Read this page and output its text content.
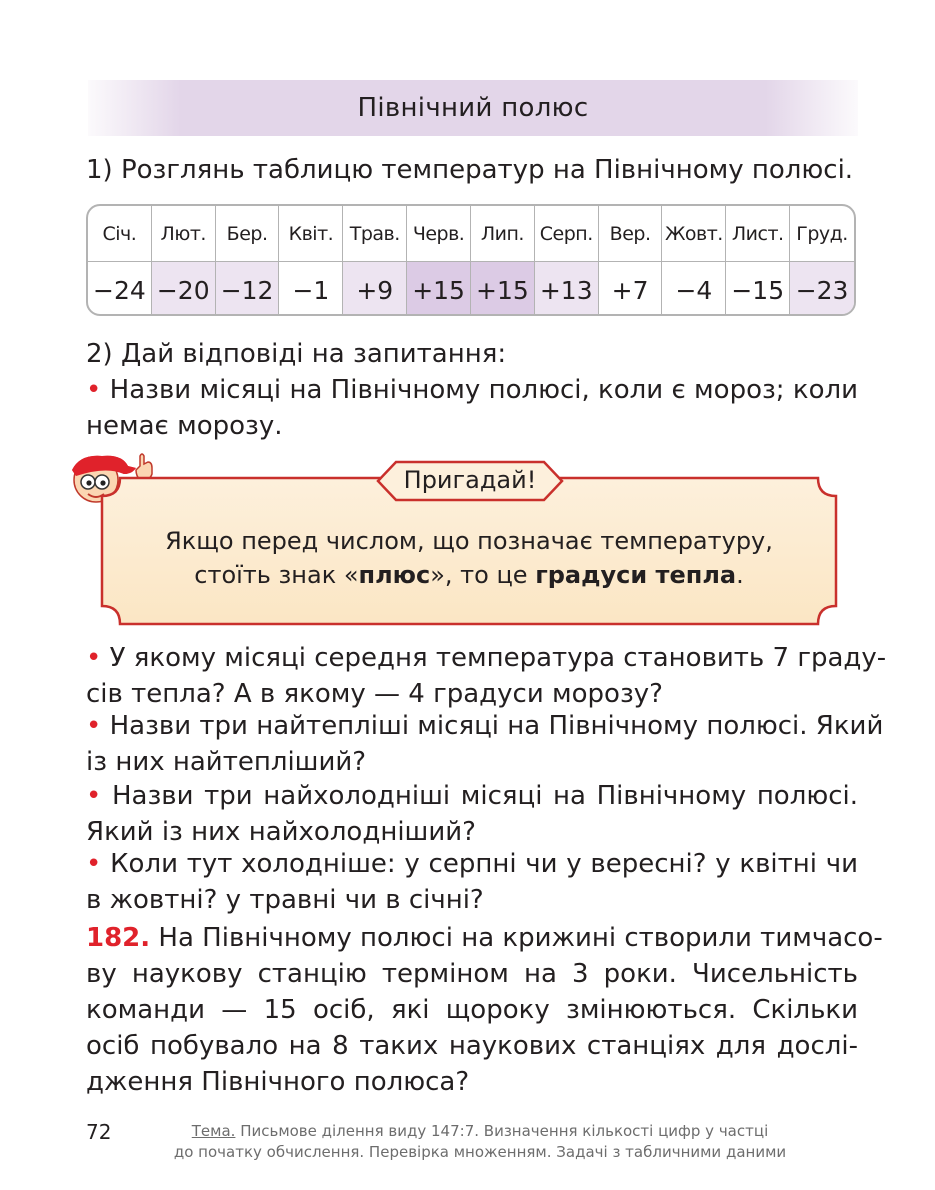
Північний полюс
1) Розглянь таблицю температур на Північному полюсі.
Січ.	Лют.	Бер.	Квіт. Трав. Черв. Лип. Серп. Вер. Жовт. Лист. Груд.
−24 −20 −12 −1	+9 +15 +15 +13 +7	−4 −15 −23
2) Дай відповіді на запитання:
• Назви місяці на Північному полюсі, коли є мороз; коли
немає морозу.
Пригадай!
Якщо перед числом, що позначає температуру,
стоїть знак «плюс», то це градуси тепла.
• У якому місяці середня температура становить 7 граду-
сів тепла? А в якому — 4 градуси морозу?
• Назви три найтепліші місяці на Північному полюсі. Який
із них найтепліший?
• Назви три найхолодніші місяці на Північному полюсі.
Який із них найхолодніший?
• Коли тут холодніше: у серпні чи у вересні? у квітні чи
в жовтні? у травні чи в січні?
182. На Північному полюсі на крижині створили тимчасо-
ву наукову станцію терміном на 3 роки. Чисельність
команди — 15 осіб, які щороку змінюються. Скільки
осіб побувало на 8 таких наукових станціях для дослі-
дження Північного полюса?
72	Тема. Письмове ділення виду 147:7. Визначення кількості цифр у частці
до початку обчислення. Перевірка множенням. Задачі з табличними даними
